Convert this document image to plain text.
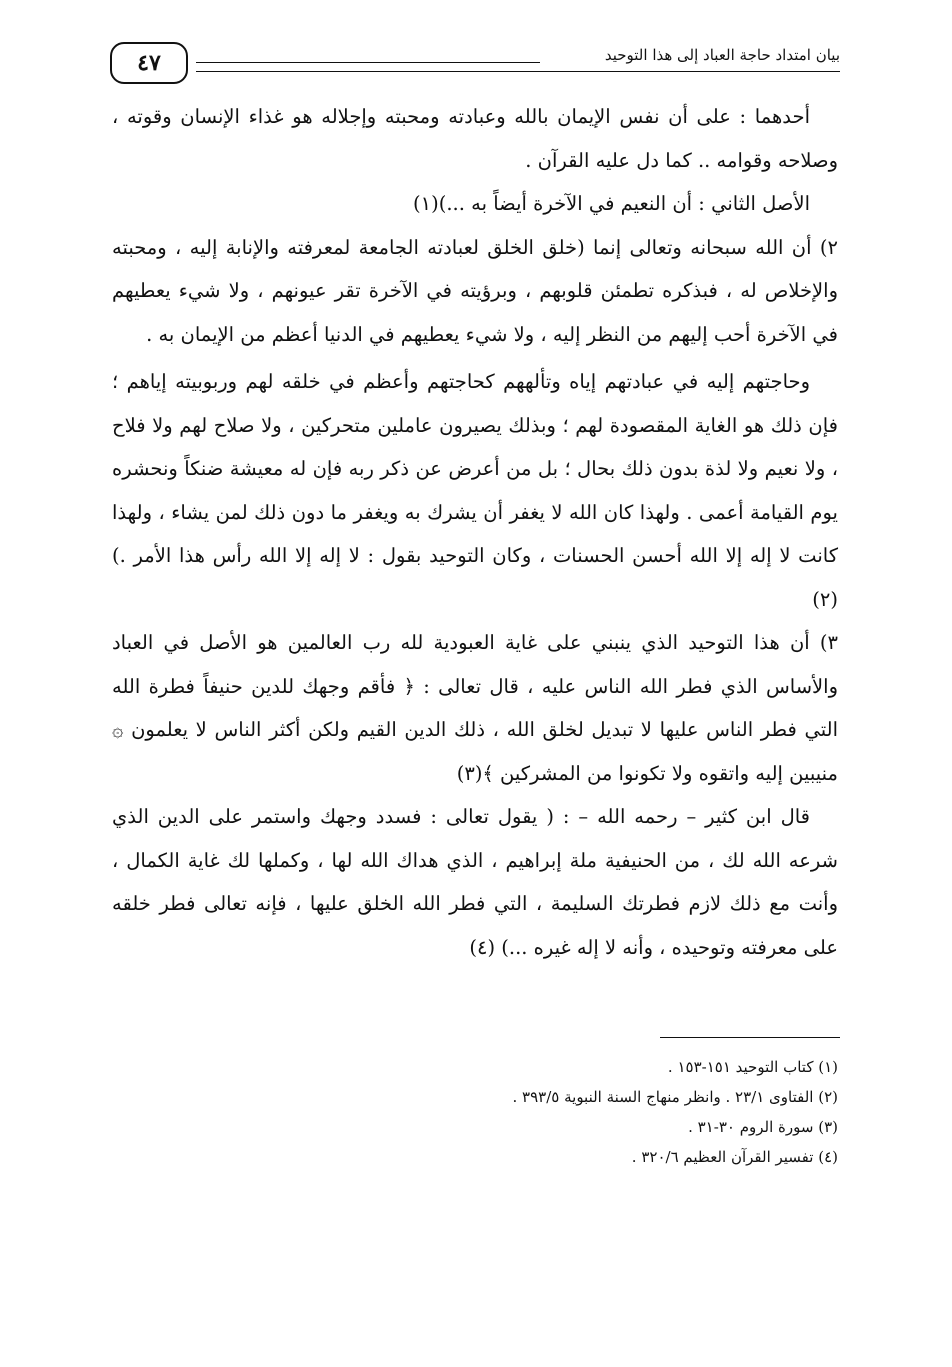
٤٧	بيان امتداد حاجة العباد إلى هذا التوحيد

أحدهما : على أن نفس الإيمان بالله وعبادته ومحبته وإجلاله هو غذاء الإنسان وقوته ، وصلاحه وقوامه .. كما دل عليه القرآن .

الأصل الثاني : أن النعيم في الآخرة أيضاً به ...)(١)

٢) أن الله سبحانه وتعالى إنما (خلق الخلق لعبادته الجامعة لمعرفته والإنابة إليه ، ومحبته والإخلاص له ، فبذكره تطمئن قلوبهم ، وبرؤيته في الآخرة تقر عيونهم ، ولا شيء يعطيهم في الآخرة أحب إليهم من النظر إليه ، ولا شيء يعطيهم في الدنيا أعظم من الإيمان به .

وحاجتهم إليه في عبادتهم إياه وتألههم كحاجتهم وأعظم في خلقه لهم وربوبيته إياهم ؛ فإن ذلك هو الغاية المقصودة لهم ؛ وبذلك يصيرون عاملين متحركين ، ولا صلاح لهم ولا فلاح ، ولا نعيم ولا لذة بدون ذلك بحال ؛ بل من أعرض عن ذكر ربه فإن له معيشة ضنكاً ونحشره يوم القيامة أعمى . ولهذا كان الله لا يغفر أن يشرك به ويغفر ما دون ذلك لمن يشاء ، ولهذا كانت لا إله إلا الله أحسن الحسنات ، وكان التوحيد بقول : لا إله إلا الله رأس هذا الأمر .) (٢)

٣) أن هذا التوحيد الذي ينبني على غاية العبودية لله رب العالمين هو الأصل في العباد والأساس الذي فطر الله الناس عليه ، قال تعالى : ﴿ فأقم وجهك للدين حنيفاً فطرة الله التي فطر الناس عليها لا تبديل لخلق الله ، ذلك الدين القيم ولكن أكثر الناس لا يعلمون ۞ منيبين إليه واتقوه ولا تكونوا من المشركين ﴾(٣)

قال ابن كثير – رحمه الله – : ( يقول تعالى : فسدد وجهك واستمر على الدين الذي شرعه الله لك ، من الحنيفية ملة إبراهيم ، الذي هداك الله لها ، وكملها لك غاية الكمال ، وأنت مع ذلك لازم فطرتك السليمة ، التي فطر الله الخلق عليها ، فإنه تعالى فطر خلقه على معرفته وتوحيده ، وأنه لا إله غيره ...) (٤)

(١) كتاب التوحيد ١٥١-١٥٣ .
(٢) الفتاوى ٢٣/١ . وانظر منهاج السنة النبوية ٣٩٣/٥ .
(٣) سورة الروم ٣٠-٣١ .
(٤) تفسير القرآن العظيم ٣٢٠/٦ .
